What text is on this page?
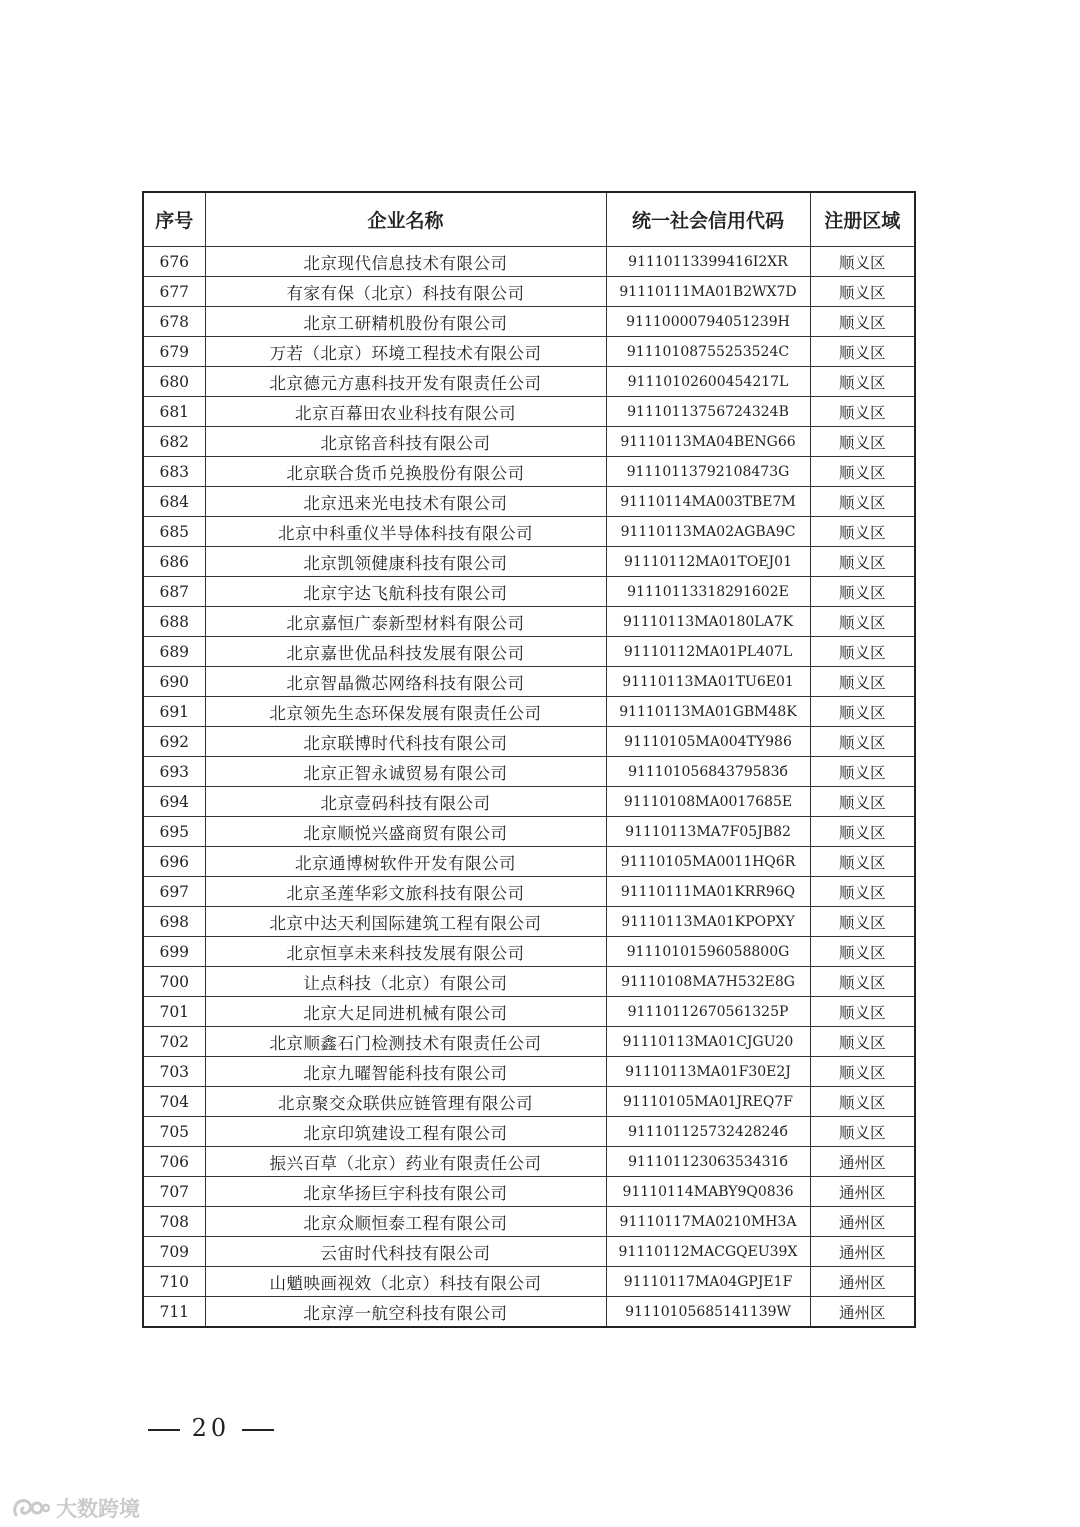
序号	企业名称	统一社会信用代码	注册区域
676	北京现代信息技术有限公司	91110113399416I2XR	顺义区
677	有家有保（北京）科技有限公司	91110111MA01B2WX7D	顺义区
678	北京工研精机股份有限公司	91110000794051239H	顺义区
679	万若（北京）环境工程技术有限公司	91110108755253524C	顺义区
680	北京德元方惠科技开发有限责任公司	91110102600454217L	顺义区
681	北京百幕田农业科技有限公司	91110113756724324B	顺义区
682	北京铭音科技有限公司	91110113MA04BENG66	顺义区
683	北京联合货币兑换股份有限公司	91110113792108473G	顺义区
684	北京迅来光电技术有限公司	91110114MA003TBE7M	顺义区
685	北京中科重仪半导体科技有限公司	91110113MA02AGBA9C	顺义区
686	北京凯领健康科技有限公司	91110112MA01TOEJ01	顺义区
687	北京宇达飞航科技有限公司	91110113318291602E	顺义区
688	北京嘉恒广泰新型材料有限公司	91110113MA0180LA7K	顺义区
689	北京嘉世优品科技发展有限公司	91110112MA01PL407L	顺义区
690	北京智晶微芯网络科技有限公司	91110113MA01TU6E01	顺义区
691	北京领先生态环保发展有限责任公司	91110113MA01GBM48K	顺义区
692	北京联博时代科技有限公司	91110105MA004TY986	顺义区
693	北京正智永诚贸易有限公司	91110105684379583б	顺义区
694	北京壹码科技有限公司	91110108MA0017685E	顺义区
695	北京顺悦兴盛商贸有限公司	91110113MA7F05JB82	顺义区
696	北京通博树软件开发有限公司	91110105MA0011HQ6R	顺义区
697	北京圣莲华彩文旅科技有限公司	91110111MA01KRR96Q	顺义区
698	北京中达天利国际建筑工程有限公司	91110113MA01KPOPXY	顺义区
699	北京恒享未来科技发展有限公司	91110101596058800G	顺义区
700	让点科技（北京）有限公司	91110108MA7H532E8G	顺义区
701	北京大足同进机械有限公司	91110112670561325P	顺义区
702	北京顺鑫石门检测技术有限责任公司	91110113MA01CJGU20	顺义区
703	北京九曜智能科技有限公司	91110113MA01F30E2J	顺义区
704	北京聚交众联供应链管理有限公司	91110105MA01JREQ7F	顺义区
705	北京印筑建设工程有限公司	91110112573242824б	顺义区
706	振兴百草（北京）药业有限责任公司	91110112306353431б	通州区
707	北京华扬巨宇科技有限公司	91110114MABY9Q0836	通州区
708	北京众顺恒泰工程有限公司	91110117MA0210MH3A	通州区
709	云宙时代科技有限公司	91110112MACGQEU39X	通州区
710	山魈映画视效（北京）科技有限公司	91110117MA04GPJE1F	通州区
711	北京淳一航空科技有限公司	91110105685141139W	通州区
20
大数跨境
